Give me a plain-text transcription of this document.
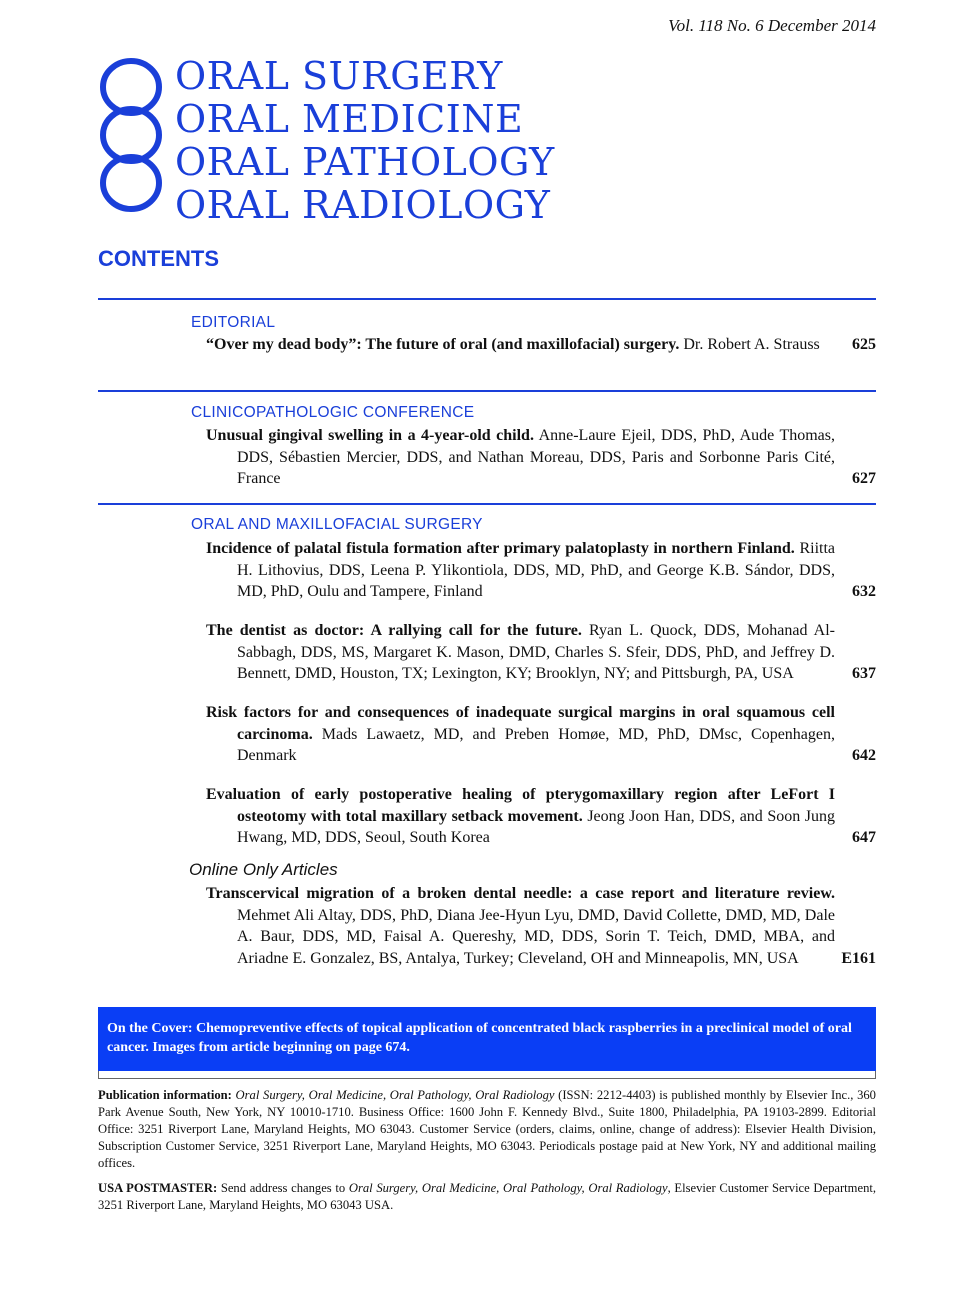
Vol. 118 No. 6 December 2014
ORAL SURGERY
ORAL MEDICINE
ORAL PATHOLOGY
ORAL RADIOLOGY
CONTENTS
EDITORIAL
“Over my dead body”: The future of oral (and maxillofacial) surgery. Dr. Robert A. Strauss	625
CLINICOPATHOLOGIC CONFERENCE
Unusual gingival swelling in a 4-year-old child. Anne-Laure Ejeil, DDS, PhD, Aude Thomas, DDS, Sébastien Mercier, DDS, and Nathan Moreau, DDS, Paris and Sorbonne Paris Cité, France	627
ORAL AND MAXILLOFACIAL SURGERY
Incidence of palatal fistula formation after primary palatoplasty in northern Finland. Riitta H. Lithovius, DDS, Leena P. Ylikontiola, DDS, MD, PhD, and George K.B. Sándor, DDS, MD, PhD, Oulu and Tampere, Finland	632
The dentist as doctor: A rallying call for the future. Ryan L. Quock, DDS, Mohanad Al-Sabbagh, DDS, MS, Margaret K. Mason, DMD, Charles S. Sfeir, DDS, PhD, and Jeffrey D. Bennett, DMD, Houston, TX; Lexington, KY; Brooklyn, NY; and Pittsburgh, PA, USA	637
Risk factors for and consequences of inadequate surgical margins in oral squamous cell carcinoma. Mads Lawaetz, MD, and Preben Homøe, MD, PhD, DMsc, Copenhagen, Denmark	642
Evaluation of early postoperative healing of pterygomaxillary region after LeFort I osteotomy with total maxillary setback movement. Jeong Joon Han, DDS, and Soon Jung Hwang, MD, DDS, Seoul, South Korea	647
Online Only Articles
Transcervical migration of a broken dental needle: a case report and literature review. Mehmet Ali Altay, DDS, PhD, Diana Jee-Hyun Lyu, DMD, David Collette, DMD, MD, Dale A. Baur, DDS, MD, Faisal A. Quereshy, MD, DDS, Sorin T. Teich, DMD, MBA, and Ariadne E. Gonzalez, BS, Antalya, Turkey; Cleveland, OH and Minneapolis, MN, USA	E161
On the Cover: Chemopreventive effects of topical application of concentrated black raspberries in a preclinical model of oral cancer. Images from article beginning on page 674.
Publication information: Oral Surgery, Oral Medicine, Oral Pathology, Oral Radiology (ISSN: 2212-4403) is published monthly by Elsevier Inc., 360 Park Avenue South, New York, NY 10010-1710. Business Office: 1600 John F. Kennedy Blvd., Suite 1800, Philadelphia, PA 19103-2899. Editorial Office: 3251 Riverport Lane, Maryland Heights, MO 63043. Customer Service (orders, claims, online, change of address): Elsevier Health Division, Subscription Customer Service, 3251 Riverport Lane, Maryland Heights, MO 63043. Periodicals postage paid at New York, NY and additional mailing offices.
USA POSTMASTER: Send address changes to Oral Surgery, Oral Medicine, Oral Pathology, Oral Radiology, Elsevier Customer Service Department, 3251 Riverport Lane, Maryland Heights, MO 63043 USA.
